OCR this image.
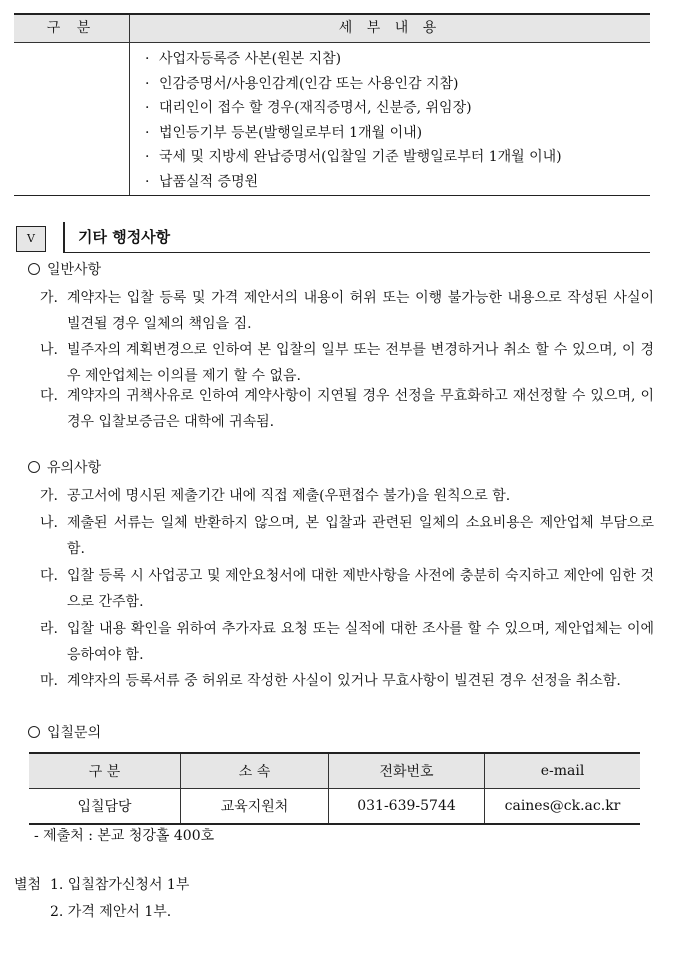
구 분	세 부 내 용
· 사업자등록증 사본(원본 지참)
· 인감증명서/사용인감계(인감 또는 사용인감 지참)
· 대리인이 접수 할 경우(재직증명서, 신분증, 위임장)
· 법인등기부 등본(발행일로부터 1개월 이내)
· 국세 및 지방세 완납증명서(입찰일 기준 발행일로부터 1개월 이내)
· 납품실적 증명원
V	기타 행정사항
일반사항
가. 계약자는 입찰 등록 및 가격 제안서의 내용이 허위 또는 이행 불가능한 내용으로 작성된 사실이 빌견될 경우 일체의 책임을 짐.
나. 빌주자의 계획변경으로 인하여 본 입찰의 일부 또는 전부를 변경하거나 취소 할 수 있으며, 이 경우 제안업체는 이의를 제기 할 수 없음.
다. 계약자의 귀책사유로 인하여 계약사항이 지연될 경우 선정을 무효화하고 재선정할 수 있으며, 이 경우 입찰보증금은 대학에 귀속됨.
유의사항
가. 공고서에 명시된 제출기간 내에 직접 제출(우편접수 불가)을 원칙으로 함.
나. 제출된 서류는 일체 반환하지 않으며, 본 입찰과 관련된 일체의 소요비용은 제안업체 부담으로 함.
다. 입찰 등록 시 사업공고 및 제안요청서에 대한 제반사항을 사전에 충분히 숙지하고 제안에 임한 것으로 간주함.
라. 입찰 내용 확인을 위하여 추가자료 요청 또는 실적에 대한 조사를 할 수 있으며, 제안업체는 이에 응하여야 함.
마. 계약자의 등록서류 중 허위로 작성한 사실이 있거나 무효사항이 빌견된 경우 선정을 취소함.
입칠문의
구 분	소 속	전화번호	e-mail
입칠담당	교육지원처	031-639-5744	caines@ck.ac.kr
- 제출처 : 본교 청강홀 400호
별첨 1. 입칠참가신청서 1부
2. 가격 제안서 1부.
